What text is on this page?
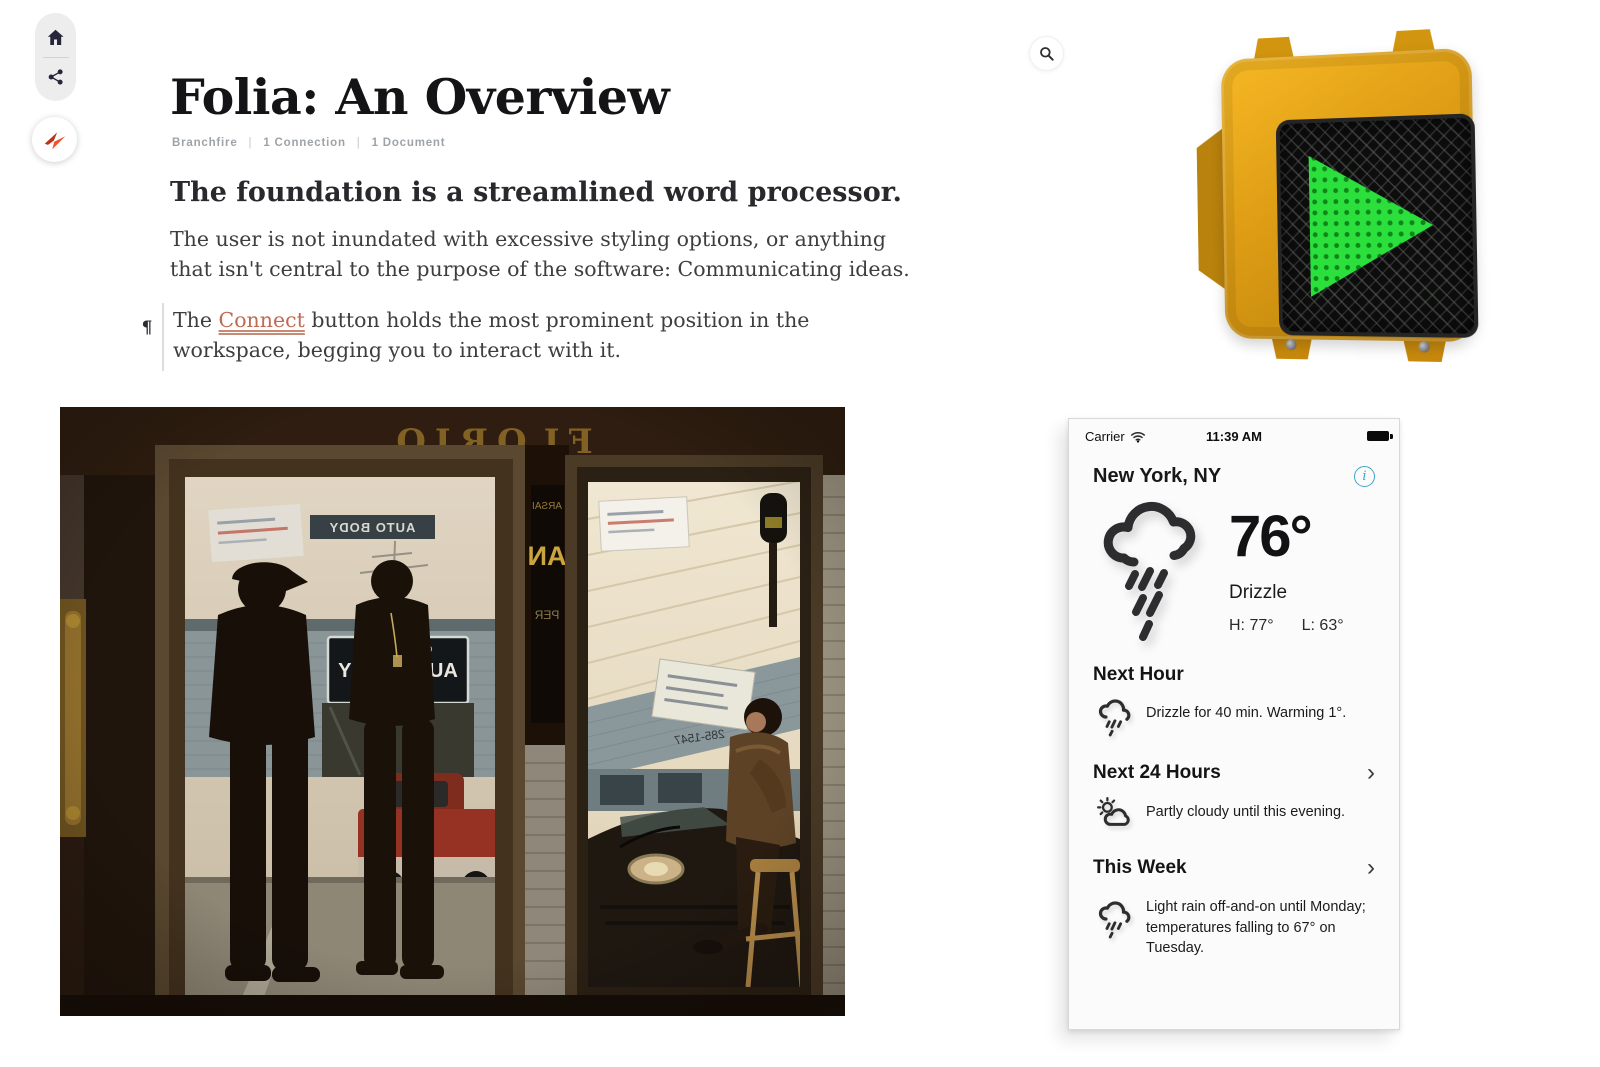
Folia: An Overview
Branchfire | 1 Connection | 1 Document
The foundation is a streamlined word processor.

The user is not inundated with excessive styling options, or anything that isn't central to the purpose of the software: Communicating ideas.

¶	The Connect button holds the most prominent position in the workspace, begging you to interact with it.
Carrier	11:39 AM
New York, NY	i
76°
Drizzle
H: 77° L: 63°
Next Hour
Drizzle for 40 min. Warming 1°.
Next 24 Hours	›
Partly cloudy until this evening.
This Week	›
Light rain off-and-on until Monday; temperatures falling to 67° on Tuesday.
